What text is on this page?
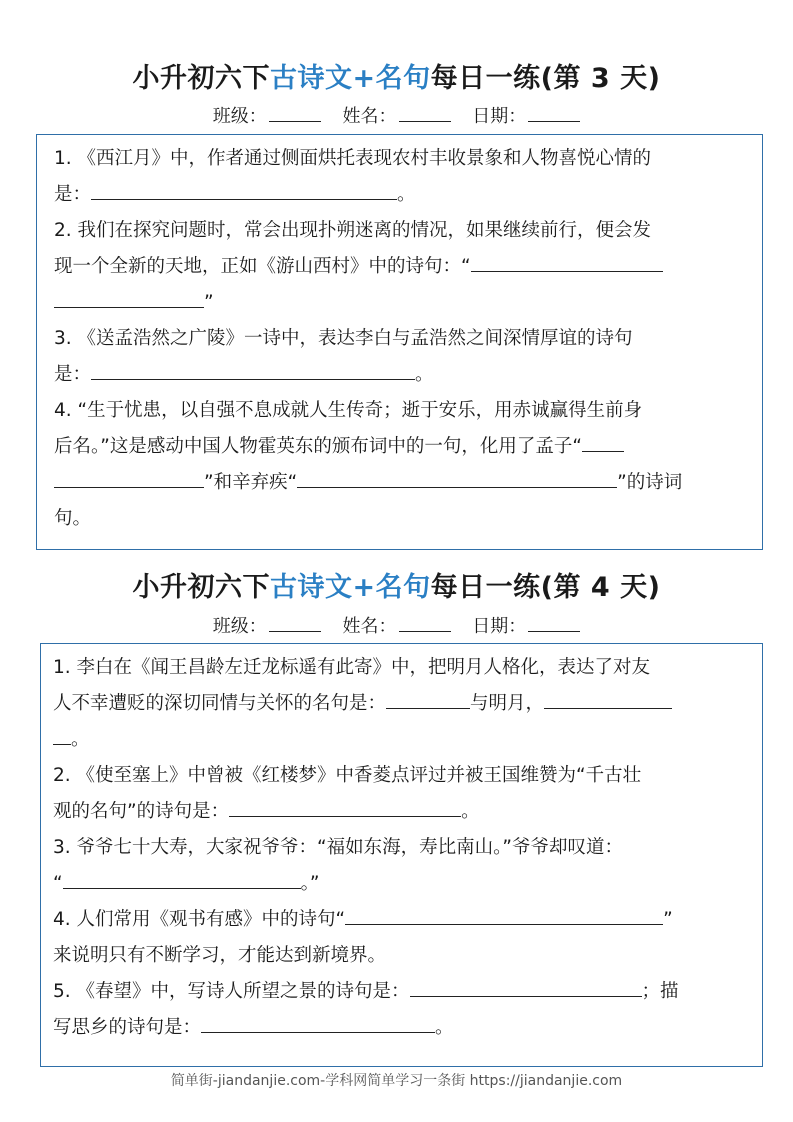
小升初六下古诗文+名句每日一练(第 3 天)
班级：	姓名：	日期：
1. 《西江月》中，作者通过侧面烘托表现农村丰收景象和人物喜悦心情的
是：	。
2. 我们在探究问题时，常会出现扑朔迷离的情况，如果继续前行，便会发
现一个全新的天地，正如《游山西村》中的诗句：“
”
3. 《送孟浩然之广陵》一诗中，表达李白与孟浩然之间深情厚谊的诗句
是：	。
4. “生于忧患，以自强不息成就人生传奇；逝于安乐，用赤诚赢得生前身
后名。”这是感动中国人物霍英东的颁布词中的一句，化用了孟子“
”和辛弃疾“	”的诗词
句。
小升初六下古诗文+名句每日一练(第 4 天)
班级：	姓名：	日期：
1. 李白在《闻王昌龄左迁龙标遥有此寄》中，把明月人格化，表达了对友
人不幸遭贬的深切同情与关怀的名句是：	与明月，
。
2. 《使至塞上》中曾被《红楼梦》中香菱点评过并被王国维赞为“千古壮
观的名句”的诗句是：	。
3. 爷爷七十大寿，大家祝爷爷：“福如东海，寿比南山。”爷爷却叹道：
“	。”
4. 人们常用《观书有感》中的诗句“	”
来说明只有不断学习，才能达到新境界。
5. 《春望》中，写诗人所望之景的诗句是：	；描
写思乡的诗句是：	。
简单街-jiandanjie.com-学科网简单学习一条街 https://jiandanjie.com
